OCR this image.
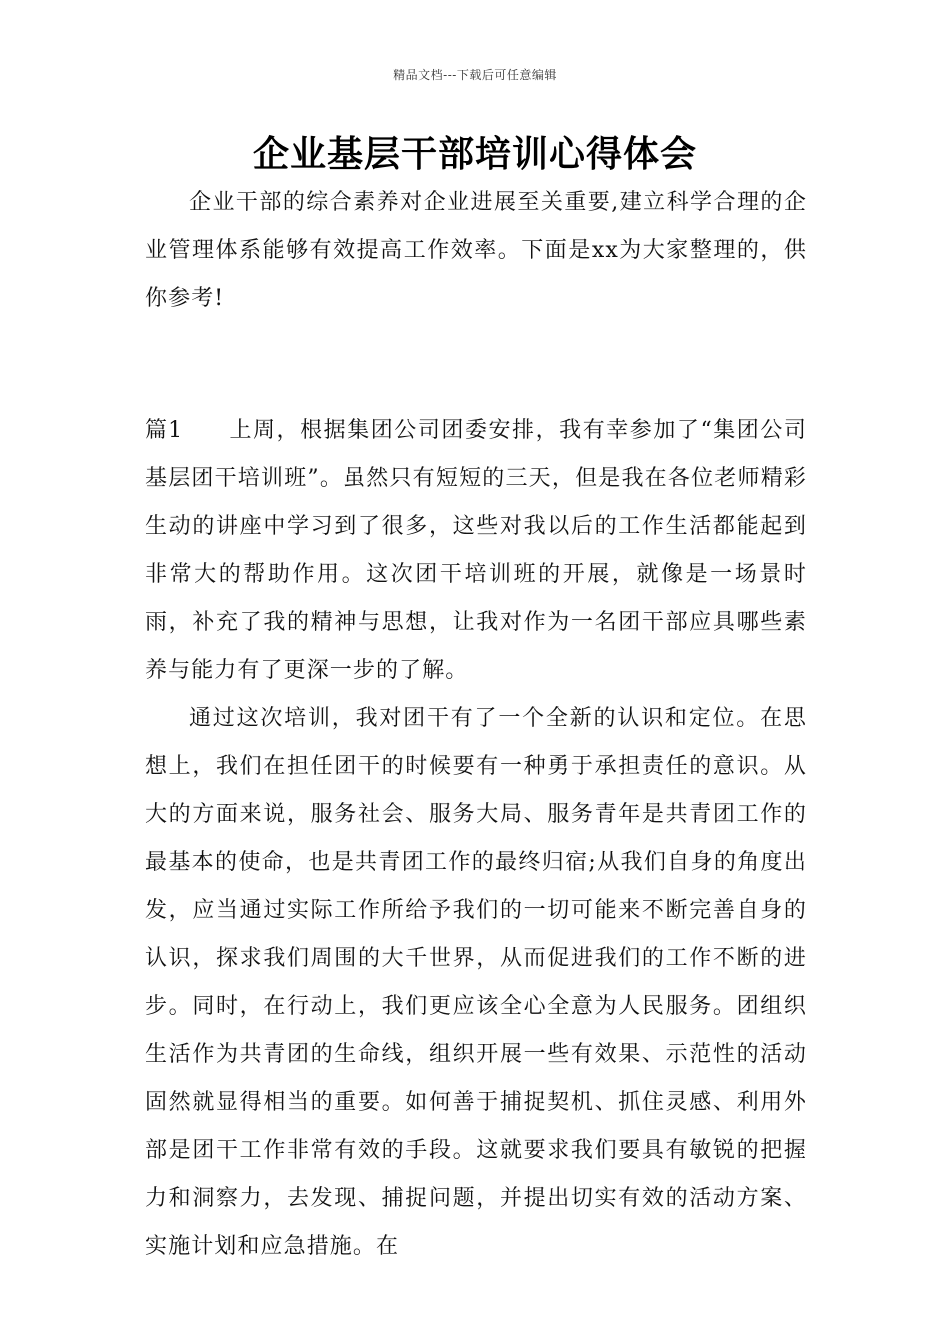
精品文档---下载后可任意编辑
企业基层干部培训心得体会

企业干部的综合素养对企业进展至关重要,建立科学合理的企业管理体系能够有效提高工作效率。下面是xx为大家整理的，供你参考!

篇1 上周，根据集团公司团委安排，我有幸参加了“集团公司基层团干培训班”。虽然只有短短的三天，但是我在各位老师精彩生动的讲座中学习到了很多，这些对我以后的工作生活都能起到非常大的帮助作用。这次团干培训班的开展，就像是一场景时雨，补充了我的精神与思想，让我对作为一名团干部应具哪些素养与能力有了更深一步的了解。

通过这次培训，我对团干有了一个全新的认识和定位。在思想上，我们在担任团干的时候要有一种勇于承担责任的意识。从大的方面来说，服务社会、服务大局、服务青年是共青团工作的最基本的使命，也是共青团工作的最终归宿;从我们自身的角度出发，应当通过实际工作所给予我们的一切可能来不断完善自身的认识，探求我们周围的大千世界，从而促进我们的工作不断的进步。同时，在行动上，我们更应该全心全意为人民服务。团组织生活作为共青团的生命线，组织开展一些有效果、示范性的活动固然就显得相当的重要。如何善于捕捉契机、抓住灵感、利用外部是团干工作非常有效的手段。这就要求我们要具有敏锐的把握力和洞察力，去发现、捕捉问题，并提出切实有效的活动方案、实施计划和应急措施。在
